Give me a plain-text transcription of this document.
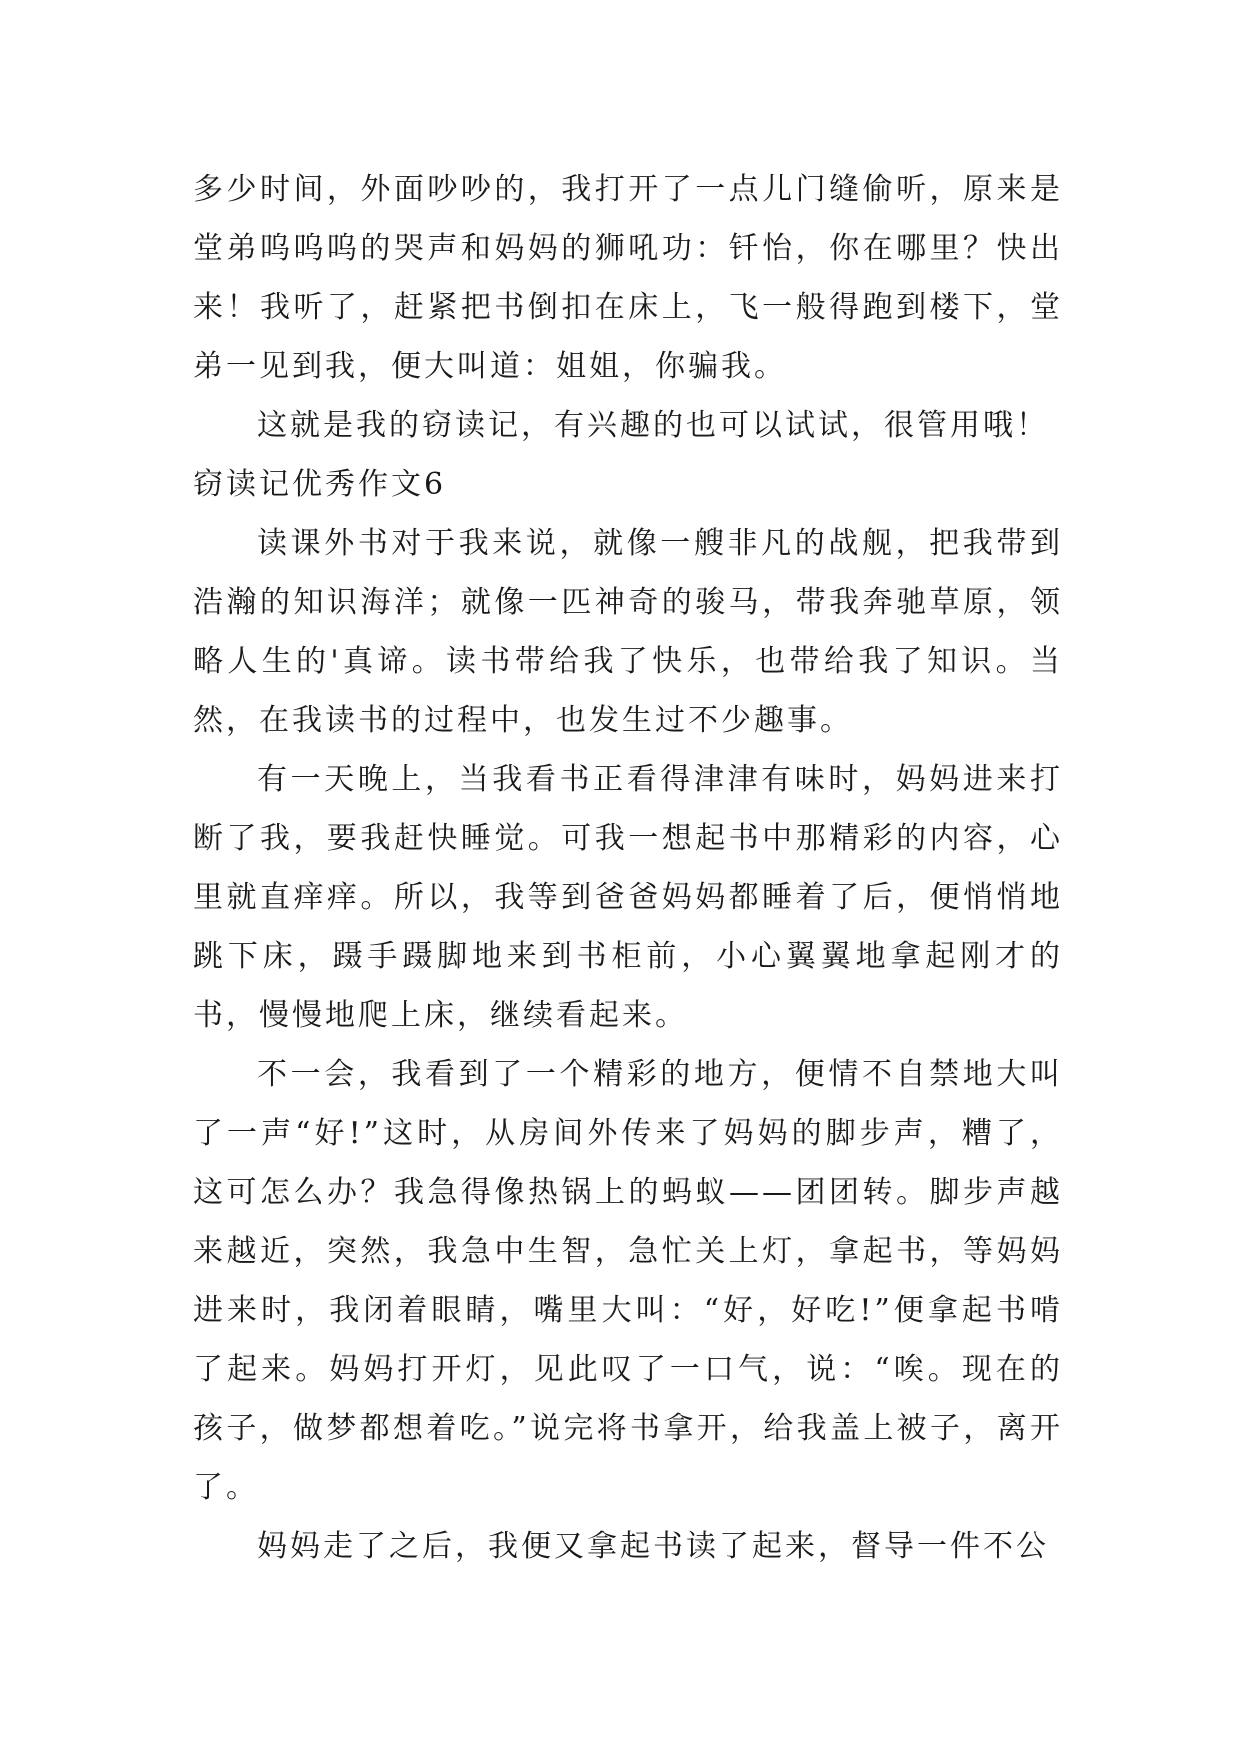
多少时间，外面吵吵的，我打开了一点儿门缝偷听，原来是堂弟呜呜呜的哭声和妈妈的狮吼功：钎怡，你在哪里？快出来！我听了，赶紧把书倒扣在床上，飞一般得跑到楼下，堂弟一见到我，便大叫道：姐姐，你骗我。

这就是我的窃读记，有兴趣的也可以试试，很管用哦！

窃读记优秀作文6

读课外书对于我来说，就像一艘非凡的战舰，把我带到浩瀚的知识海洋；就像一匹神奇的骏马，带我奔驰草原，领略人生的'真谛。读书带给我了快乐，也带给我了知识。当然，在我读书的过程中，也发生过不少趣事。

有一天晚上，当我看书正看得津津有味时，妈妈进来打断了我，要我赶快睡觉。可我一想起书中那精彩的内容，心里就直痒痒。所以，我等到爸爸妈妈都睡着了后，便悄悄地跳下床，蹑手蹑脚地来到书柜前，小心翼翼地拿起刚才的书，慢慢地爬上床，继续看起来。

不一会，我看到了一个精彩的地方，便情不自禁地大叫了一声“好!”这时，从房间外传来了妈妈的脚步声，糟了，这可怎么办？我急得像热锅上的蚂蚁——团团转。脚步声越来越近，突然，我急中生智，急忙关上灯，拿起书，等妈妈进来时，我闭着眼睛，嘴里大叫：“好，好吃!”便拿起书啃了起来。妈妈打开灯，见此叹了一口气，说：“唉。现在的孩子，做梦都想着吃。”说完将书拿开，给我盖上被子，离开了。

妈妈走了之后，我便又拿起书读了起来，督导一件不公
